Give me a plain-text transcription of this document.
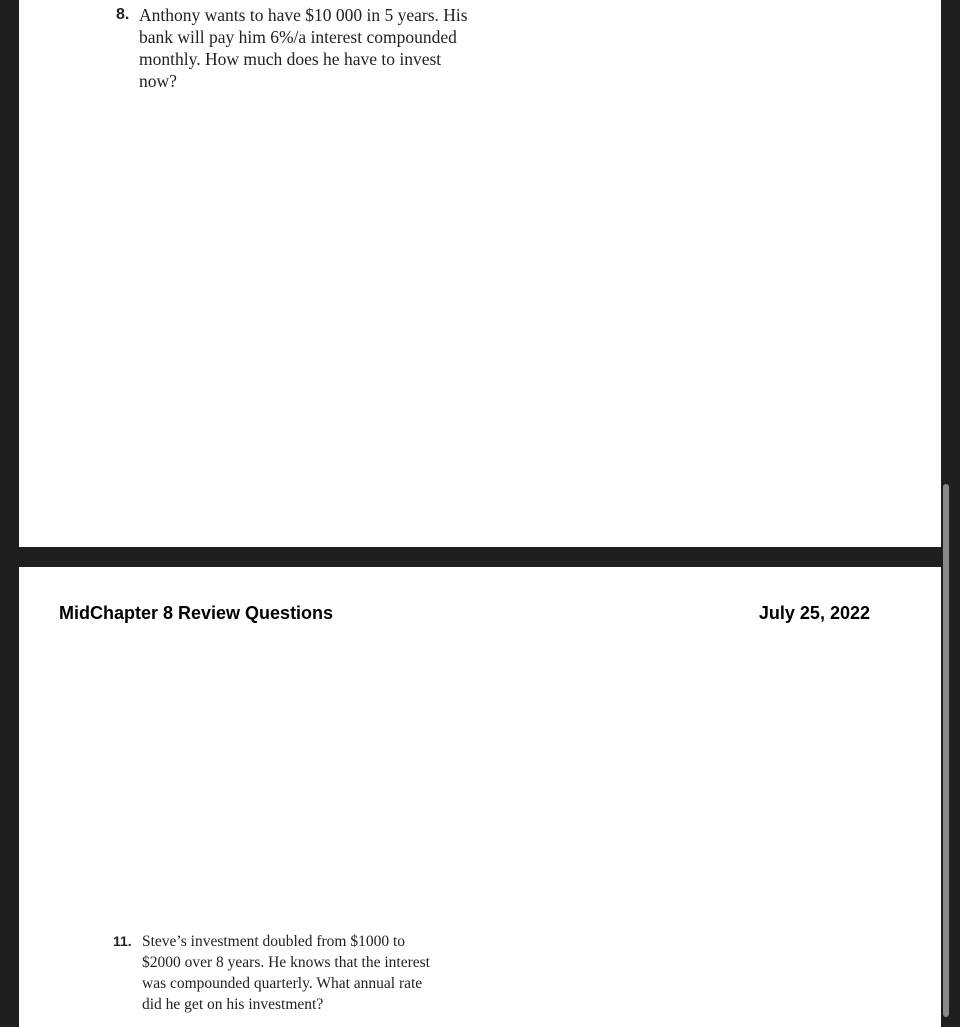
8. Anthony wants to have $10 000 in 5 years. His
bank will pay him 6%/a interest compounded
monthly. How much does he have to invest
now?
MidChapter 8 Review Questions	July 25, 2022
11. Steve’s investment doubled from $1000 to
$2000 over 8 years. He knows that the interest
was compounded quarterly. What annual rate
did he get on his investment?
